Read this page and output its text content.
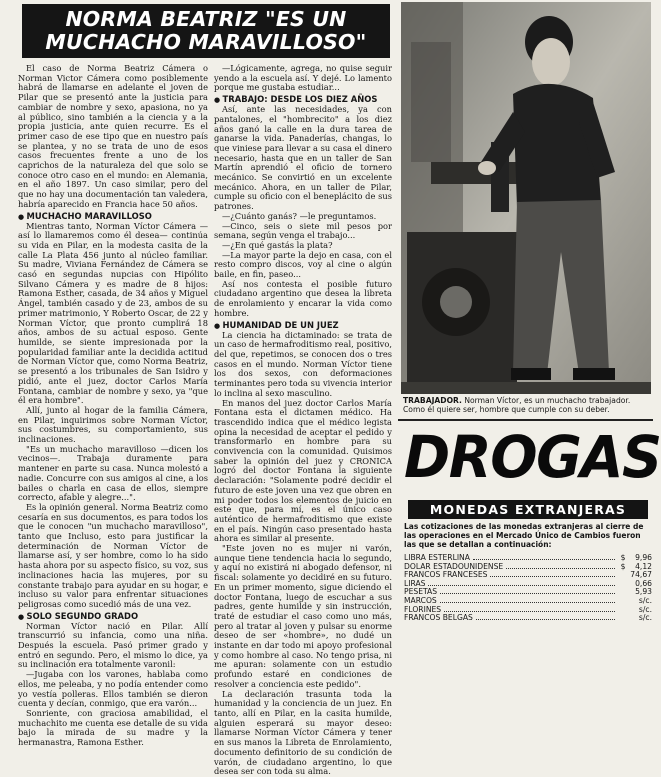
NORMA BEATRIZ "ES UN
MUCHACHO MARAVILLOSO"

El caso de Norma Beatriz Cámera o Norman Victor Cámera como posiblemente habrá de llamarse en adelante el joven de Pilar que se presentó ante la justicia para cambiar de nombre y sexo, apasiona, no ya al público, sino también a la ciencia y a la propia justicia, ante quien recurre. Es el primer caso de ese tipo que en nuestro país se plantea, y no se trata de uno de esos casos frecuentes frente a uno de los caprichos de la naturaleza del que solo se conoce otro caso en el mundo: en Alemania, en el año 1897. Un caso similar, pero del que no hay una documentación tan valedera, habría aparecido en Francia hace 50 años.

● MUCHACHO MARAVILLOSO

Mientras tanto, Norman Víctor Cámera —así lo llamaremos como él desea— continúa su vida en Pilar, en la modesta casita de la calle La Plata 456 junto al núcleo familiar. Su madre, Viviana Fernández de Cámera se casó en segundas nupcias con Hipólito Silvano Cámera y es madre de 8 hijos: Ramona Esther, casada, de 34 años y Miguel Ángel, también casado y de 23, ambos de su primer matrimonio, Y Roberto Oscar, de 22 y Norman Víctor, que pronto cumplirá 18 años, ambos de su actual esposo. Gente humilde, se siente impresionada por la popularidad familiar ante la decidida actitud de Norman Víctor que, como Norma Beatriz, se presentó a los tribunales de San Isidro y pidió, ante el juez, doctor Carlos María Fontana, cambiar de nombre y sexo, ya "que él era hombre".

Allí, junto al hogar de la familia Cámera, en Pilar, inquirimos sobre Norman Víctor, sus costumbres, su comportamiento, sus inclinaciones.

"Es un muchacho maravilloso —dicen los vecinos—. Trabaja duramente para mantener en parte su casa. Nunca molestó a nadie. Concurre con sus amigos al cine, a los bailes o charla en casa de ellos, siempre correcto, afable y alegre...".

Es la opinión general. Norma Beatriz como cesaría en sus documentos, es para todos los que le conocen "un muchacho maravilloso", tanto que Incluso, esto para justificar la determinación de Norman Víctor de llamarse así, y ser hombre, como lo ha sido hasta ahora por su aspecto físico, su voz, sus inclinaciones hacia las mujeres, por su constante trabajo para ayudar en su hogar, e incluso su valor para enfrentar situaciones peligrosas como sucedió más de una vez.

● SOLO SEGUNDO GRADO

Norman Víctor nació en Pilar. Allí transcurrió su infancia, como una niña. Después la escuela. Pasó primer grado y entró en segundo. Pero, el mismo lo dice, ya su inclinación era totalmente varonil:

—Jugaba con los varones, hablaba como ellos, me peleaba, y no podía entender como yo vestía polleras. Ellos también se dieron cuenta y decían, conmigo, que era varón...

Sonriente, con graciosa amabilidad, el muchachito me cuenta ese detalle de su vida bajo la mirada de su madre y la hermanastra, Ramona Esther.

—Lógicamente, agrega, no quise seguir yendo a la escuela así. Y dejé. Lo lamento porque me gustaba estudiar...

● TRABAJO: DESDE LOS DIEZ AÑOS

Así, ante las necesidades, ya con pantalones, el "hombrecito" a los diez años ganó la calle en la dura tarea de ganarse la vida. Panaderías, changas, lo que viniese para llevar a su casa el dinero necesario, hasta que en un taller de San Martín aprendió el oficio de tornero mecánico. Se convirtió en un excelente mecánico. Ahora, en un taller de Pilar, cumple su oficio con el beneplácito de sus patrones.

—¿Cuánto ganás? —le preguntamos.

—Cinco, seis o siete mil pesos por semana, según venga el trabajo...

—¿En qué gastás la plata?

—La mayor parte la dejo en casa, con el resto compro discos, voy al cine o algún baile, en fin, paseo...

Así nos contesta el posible futuro ciudadano argentino que desea la libreta de enrolamiento y encarar la vida como hombre.

● HUMANIDAD DE UN JUEZ

La ciencia ha dictaminado: se trata de un caso de hermafroditismo real, positivo, del que, repetimos, se conocen dos o tres casos en el mundo. Norman Víctor tiene los dos sexos, con deformaciones terminantes pero toda su vivencia interior lo inclina al sexo masculino.

En manos del juez doctor Carlos María Fontana esta el dictamen médico. Ha trascendido indica que el médico legista opina la necesidad de aceptar el pedido y transformarlo en hombre para su convivencia con la comunidad. Quisimos saber la opinión del juez y CRONICA logró del doctor Fontana la siguiente declaración: "Solamente podré decidir el futuro de este joven una vez que obren en mi poder todos los elementos de juicio en este que, para mí, es el único caso auténtico de hermafroditismo que existe en el país. Ningún caso presentado hasta ahora es similar al presente.

"Este joven no es mujer ni varón, aunque tiene tendencia hacia lo segundo, y aquí no existirá ni abogado defensor, ni fiscal: solamente yo decidiré en su futuro. En un primer momento, sigue diciendo el doctor Fontana, luego de escuchar a sus padres, gente humilde y sin instrucción, traté de estudiar el caso como uno más, pero al tratar al joven y pulsar su enorme deseo de ser «hombre», no dudé un instante en dar todo mi apoyo profesional y como hombre al caso. No tengo prisa, ni me apuran: solamente con un estudio profundo estaré en condiciones de resolver a conciencia este pedido".

La declaración trasunta toda la humanidad y la conciencia de un juez. En tanto, allí en Pilar, en la casita humilde, alguien esperará su mayor deseo: llamarse Norman Víctor Cámera y tener en sus manos la Libreta de Enrolamiento, documento definitorio de su condición de varón, de ciudadano argentino, lo que desea ser con toda su alma.

TRABAJADOR. Norman Víctor, es un muchacho trabajador. Como él quiere ser, hombre que cumple con su deber.
DROGAS
MONEDAS EXTRANJERAS
Las cotizaciones de las monedas extranjeras al cierre de las operaciones en el Mercado Único de Cambios fueron las que se detallan a continuación:
LIBRA ESTERLINA	$	9,96
DOLAR ESTADOUNIDENSE	$	4,12
FRANCOS FRANCESES	74,67
LIRAS	0,66
PESETAS	5,93
MARCOS	s/c.
FLORINES	s/c.
FRANCOS BELGAS	s/c.
